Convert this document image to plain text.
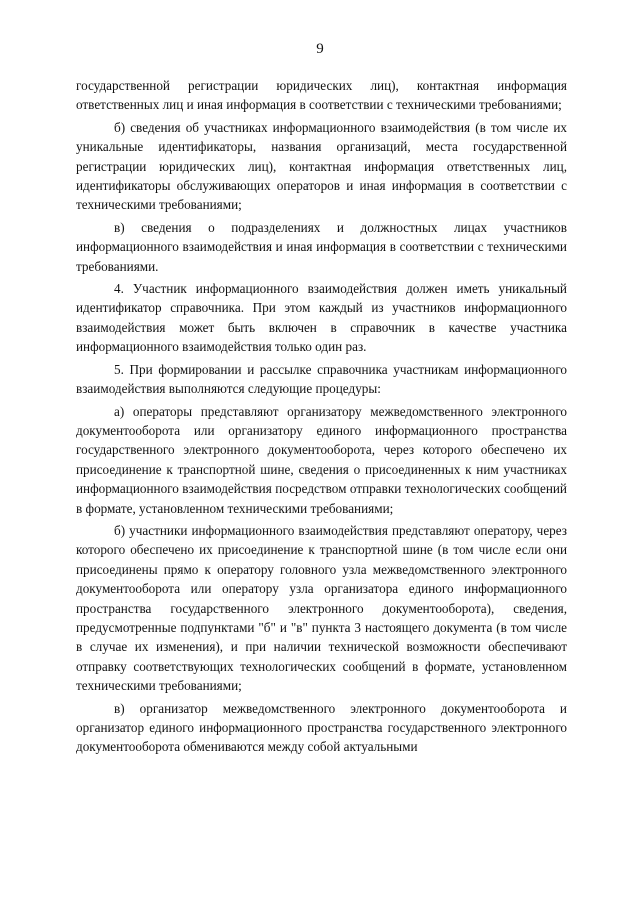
9

государственной регистрации юридических лиц), контактная информация ответственных лиц и иная информация в соответствии с техническими требованиями;

б) сведения об участниках информационного взаимодействия (в том числе их уникальные идентификаторы, названия организаций, места государственной регистрации юридических лиц), контактная информация ответственных лиц, идентификаторы обслуживающих операторов и иная информация в соответствии с техническими требованиями;

в) сведения о подразделениях и должностных лицах участников информационного взаимодействия и иная информация в соответствии с техническими требованиями.

4. Участник информационного взаимодействия должен иметь уникальный идентификатор справочника. При этом каждый из участников информационного взаимодействия может быть включен в справочник в качестве участника информационного взаимодействия только один раз.

5. При формировании и рассылке справочника участникам информационного взаимодействия выполняются следующие процедуры:

а) операторы представляют организатору межведомственного электронного документооборота или организатору единого информационного пространства государственного электронного документооборота, через которого обеспечено их присоединение к транспортной шине, сведения о присоединенных к ним участниках информационного взаимодействия посредством отправки технологических сообщений в формате, установленном техническими требованиями;

б) участники информационного взаимодействия представляют оператору, через которого обеспечено их присоединение к транспортной шине (в том числе если они присоединены прямо к оператору головного узла межведомственного электронного документооборота или оператору узла организатора единого информационного пространства государственного электронного документооборота), сведения, предусмотренные подпунктами "б" и "в" пункта 3 настоящего документа (в том числе в случае их изменения), и при наличии технической возможности обеспечивают отправку соответствующих технологических сообщений в формате, установленном техническими требованиями;

в) организатор межведомственного электронного документооборота и организатор единого информационного пространства государственного электронного документооборота обмениваются между собой актуальными
